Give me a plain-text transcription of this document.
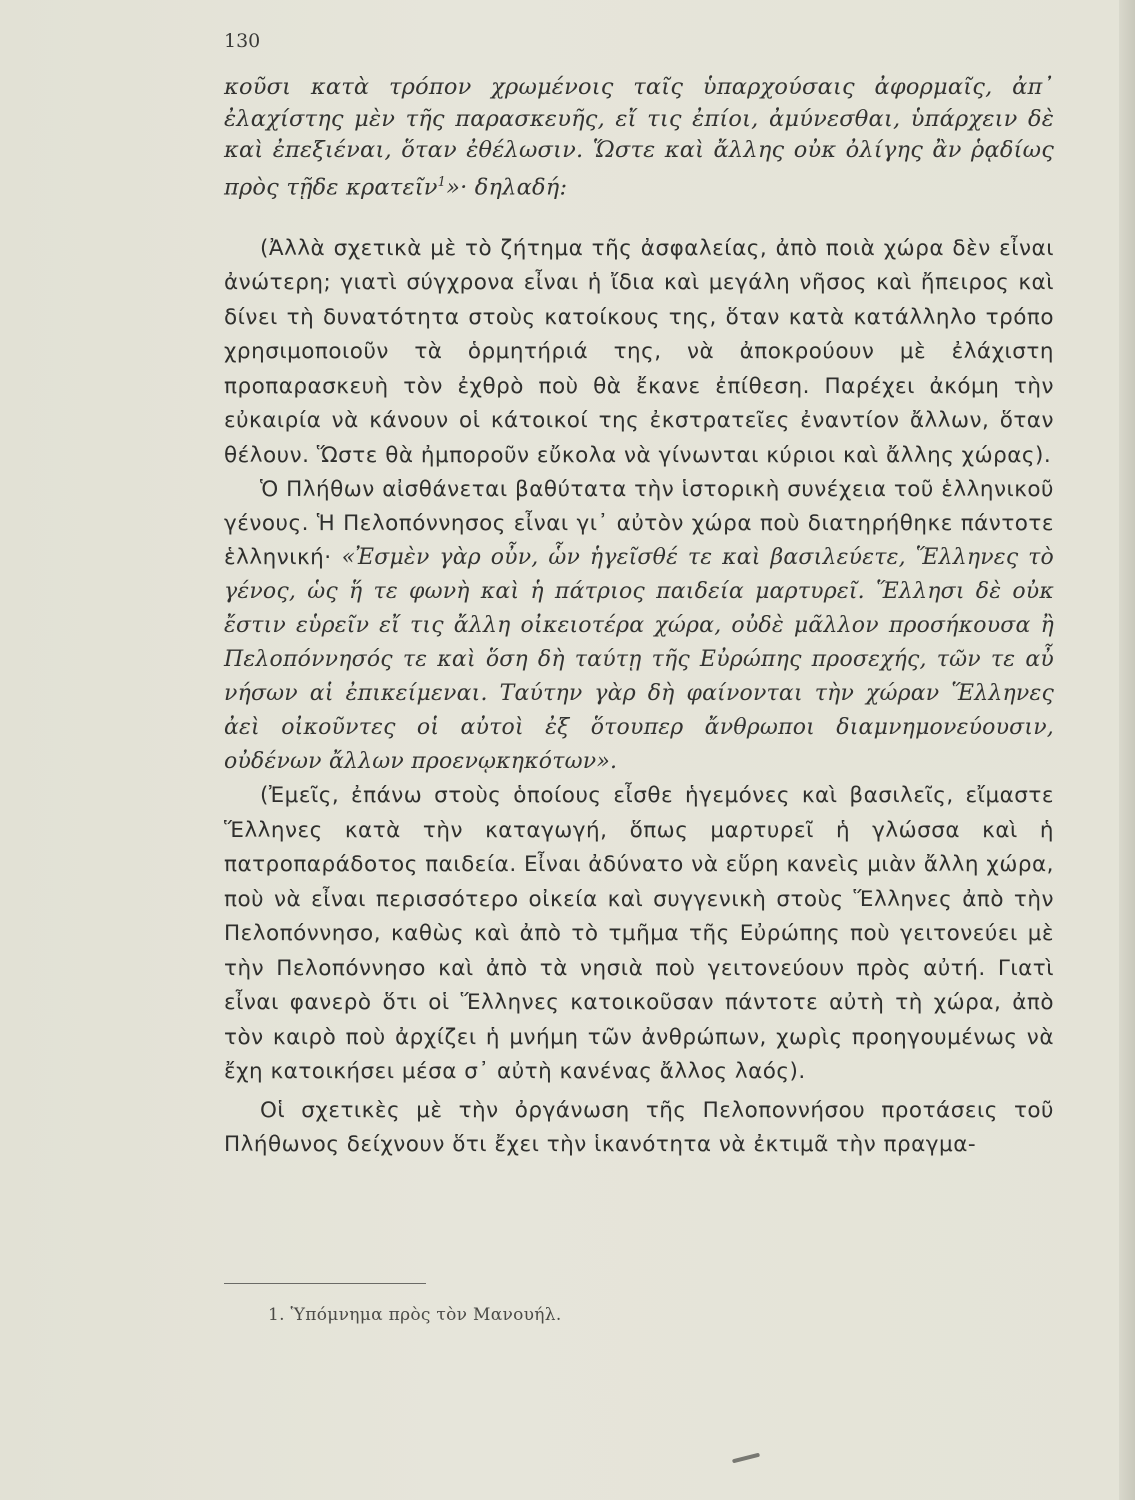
130

κοῦσι κατὰ τρόπον χρωμένοις ταῖς ὑπαρχούσαις ἀφορμαῖς, ἀπ᾽ ἐλαχίστης μὲν τῆς παρασκευῆς, εἴ τις ἐπίοι, ἀμύνεσθαι, ὑπάρχειν δὲ καὶ ἐπεξιέναι, ὅταν ἐθέλωσιν. Ὥστε καὶ ἄλλης οὐκ ὀλίγης ἂν ῥᾳδίως πρὸς τῇδε κρατεῖν$^1$»· δηλαδή:

(Ἀλλὰ σχετικὰ μὲ τὸ ζήτημα τῆς ἀσφαλείας, ἀπὸ ποιὰ χώρα δὲν εἶναι ἀνώτερη; γιατὶ σύγχρονα εἶναι ἡ ἴδια καὶ μεγάλη νῆσος καὶ ἤπειρος καὶ δίνει τὴ δυνατότητα στοὺς κατοίκους της, ὅταν κατὰ κατάλληλο τρόπο χρησιμοποιοῦν τὰ ὁρμητήριά της, νὰ ἀποκρούουν μὲ ἐλάχιστη προπαρασκευὴ τὸν ἐχθρὸ ποὺ θὰ ἔκανε ἐπίθεση. Παρέχει ἀκόμη τὴν εὐκαιρία νὰ κάνουν οἱ κάτοικοί της ἐκστρατεῖες ἐναντίον ἄλλων, ὅταν θέλουν. Ὥστε θὰ ἠμποροῦν εὔκολα νὰ γίνωνται κύριοι καὶ ἄλλης χώρας).

Ὁ Πλήθων αἰσθάνεται βαθύτατα τὴν ἱστορικὴ συνέχεια τοῦ ἑλληνικοῦ γένους. Ἡ Πελοπόννησος εἶναι γι᾽ αὐτὸν χώρα ποὺ διατηρήθηκε πάντοτε ἑλληνική· «Ἐσμὲν γὰρ οὖν, ὧν ἡγεῖσθέ τε καὶ βασιλεύετε, Ἕλληνες τὸ γένος, ὡς ἥ τε φωνὴ καὶ ἡ πάτριος παιδεία μαρτυρεῖ. Ἕλλησι δὲ οὐκ ἔστιν εὑρεῖν εἴ τις ἄλλη οἰκειοτέρα χώρα, οὐδὲ μᾶλλον προσήκουσα ἢ Πελοπόννησός τε καὶ ὅση δὴ ταύτῃ τῆς Εὐρώπης προσεχής, τῶν τε αὖ νήσων αἱ ἐπικείμεναι. Ταύτην γὰρ δὴ φαίνονται τὴν χώραν Ἕλληνες ἀεὶ οἰκοῦντες οἱ αὐτοὶ ἐξ ὅτουπερ ἄνθρωποι διαμνημονεύουσιν, οὐδένων ἄλλων προενῳκηκότων».

(Ἐμεῖς, ἐπάνω στοὺς ὁποίους εἶσθε ἡγεμόνες καὶ βασιλεῖς, εἴμαστε Ἕλληνες κατὰ τὴν καταγωγή, ὅπως μαρτυρεῖ ἡ γλώσσα καὶ ἡ πατροπαράδοτος παιδεία. Εἶναι ἀδύνατο νὰ εὕρη κανεὶς μιὰν ἄλλη χώρα, ποὺ νὰ εἶναι περισσότερο οἰκεία καὶ συγγενικὴ στοὺς Ἕλληνες ἀπὸ τὴν Πελοπόννησο, καθὼς καὶ ἀπὸ τὸ τμῆμα τῆς Εὐρώπης ποὺ γειτονεύει μὲ τὴν Πελοπόννησο καὶ ἀπὸ τὰ νησιὰ ποὺ γειτονεύουν πρὸς αὐτή. Γιατὶ εἶναι φανερὸ ὅτι οἱ Ἕλληνες κατοικοῦσαν πάντοτε αὐτὴ τὴ χώρα, ἀπὸ τὸν καιρὸ ποὺ ἀρχίζει ἡ μνήμη τῶν ἀνθρώπων, χωρὶς προηγουμένως νὰ ἔχη κατοικήσει μέσα σ᾽ αὐτὴ κανένας ἄλλος λαός).

Οἱ σχετικὲς μὲ τὴν ὀργάνωση τῆς Πελοποννήσου προτάσεις τοῦ Πλήθωνος δείχνουν ὅτι ἔχει τὴν ἱκανότητα νὰ ἐκτιμᾶ τὴν πραγμα-

1. Ὑπόμνημα πρὸς τὸν Μανουήλ.
